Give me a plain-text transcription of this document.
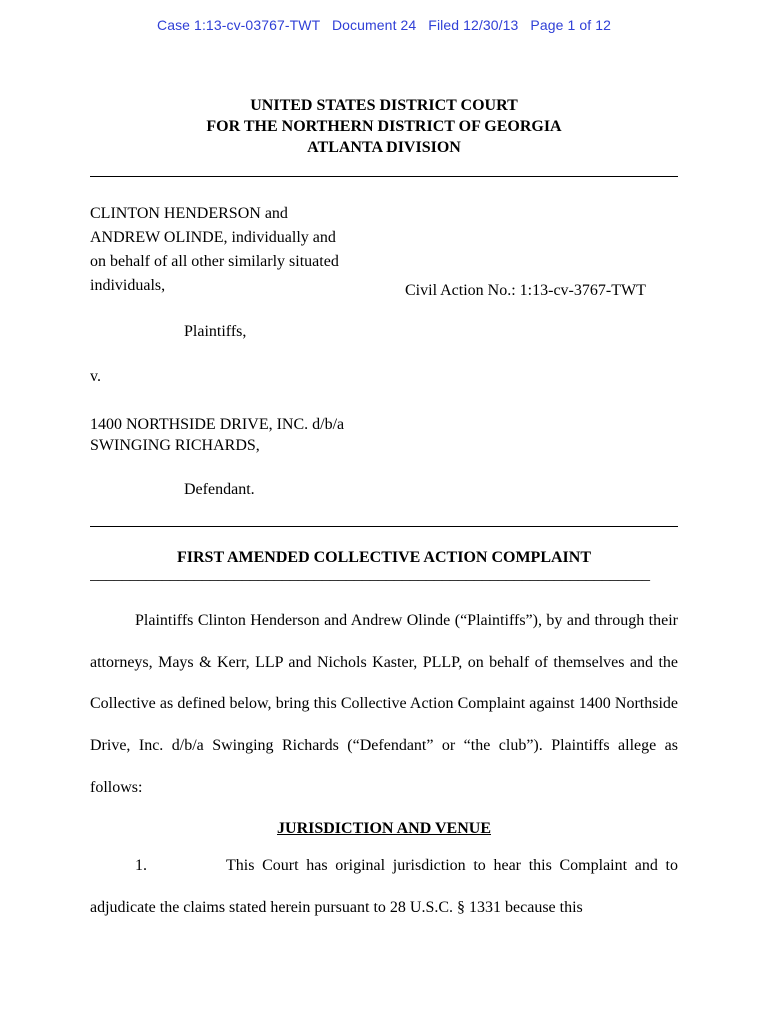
Case 1:13-cv-03767-TWT   Document 24   Filed 12/30/13   Page 1 of 12
UNITED STATES DISTRICT COURT
FOR THE NORTHERN DISTRICT OF GEORGIA
ATLANTA DIVISION
CLINTON HENDERSON and
ANDREW OLINDE, individually and
on behalf of all other similarly situated
individuals,	Civil Action No.: 1:13-cv-3767-TWT
Plaintiffs,
v.
1400 NORTHSIDE DRIVE, INC. d/b/a
SWINGING RICHARDS,
Defendant.
FIRST AMENDED COLLECTIVE ACTION COMPLAINT
______________________________________________________________________
Plaintiffs Clinton Henderson and Andrew Olinde (“Plaintiffs”), by and through their attorneys, Mays & Kerr, LLP and Nichols Kaster, PLLP, on behalf of themselves and the Collective as defined below, bring this Collective Action Complaint against 1400 Northside Drive, Inc. d/b/a Swinging Richards (“Defendant” or “the club”). Plaintiffs allege as follows:
JURISDICTION AND VENUE
1.	This Court has original jurisdiction to hear this Complaint and to adjudicate the claims stated herein pursuant to 28 U.S.C. § 1331 because this
